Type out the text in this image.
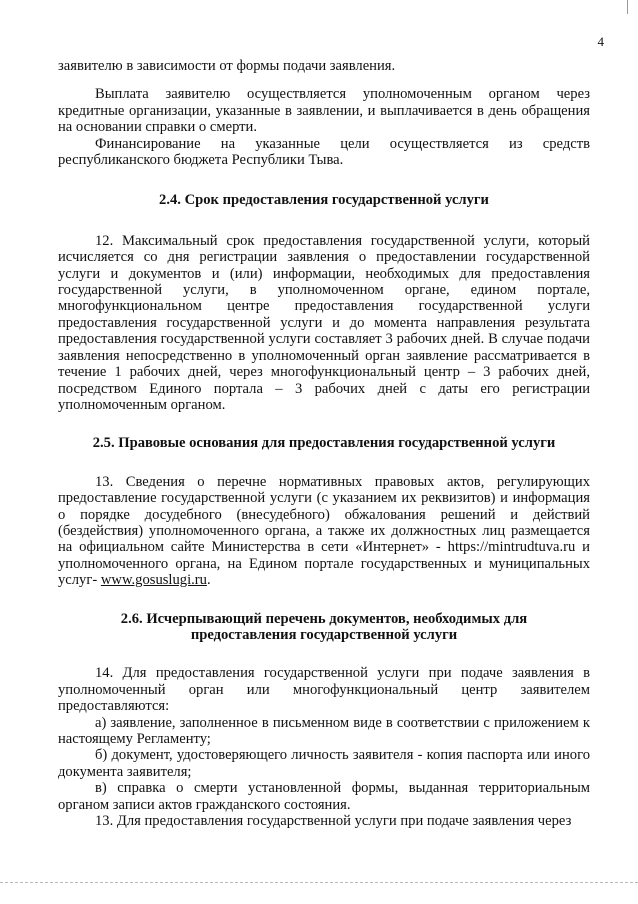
4

заявителю в зависимости от формы подачи заявления.

Выплата заявителю осуществляется уполномоченным органом через кредитные организации, указанные в заявлении, и выплачивается в день обращения на основании справки о смерти.

Финансирование на указанные цели осуществляется из средств республиканского бюджета Республики Тыва.

2.4. Срок предоставления государственной услуги

12. Максимальный срок предоставления государственной услуги, который исчисляется со дня регистрации заявления о предоставлении государственной услуги и документов и (или) информации, необходимых для предоставления государственной услуги, в уполномоченном органе, едином портале, многофункциональном центре предоставления государственной услуги предоставления государственной услуги и до момента направления результата предоставления государственной услуги составляет 3 рабочих дней. В случае подачи заявления непосредственно в уполномоченный орган заявление рассматривается в течение 1 рабочих дней, через многофункциональный центр – 3 рабочих дней, посредством Единого портала – 3 рабочих дней с даты его регистрации уполномоченным органом.

2.5. Правовые основания для предоставления государственной услуги

13. Сведения о перечне нормативных правовых актов, регулирующих предоставление государственной услуги (с указанием их реквизитов) и информация о порядке досудебного (внесудебного) обжалования решений и действий (бездействия) уполномоченного органа, а также их должностных лиц размещается на официальном сайте Министерства в сети «Интернет» - https://mintrudtuva.ru и уполномоченного органа, на Едином портале государственных и муниципальных услуг- www.gosuslugi.ru.

2.6. Исчерпывающий перечень документов, необходимых для предоставления государственной услуги

14. Для предоставления государственной услуги при подаче заявления в уполномоченный орган или многофункциональный центр заявителем предоставляются:

а) заявление, заполненное в письменном виде в соответствии с приложением к настоящему Регламенту;

б) документ, удостоверяющего личность заявителя - копия паспорта или иного документа заявителя;

в) справка о смерти установленной формы, выданная территориальным органом записи актов гражданского состояния.

13. Для предоставления государственной услуги при подаче заявления через
